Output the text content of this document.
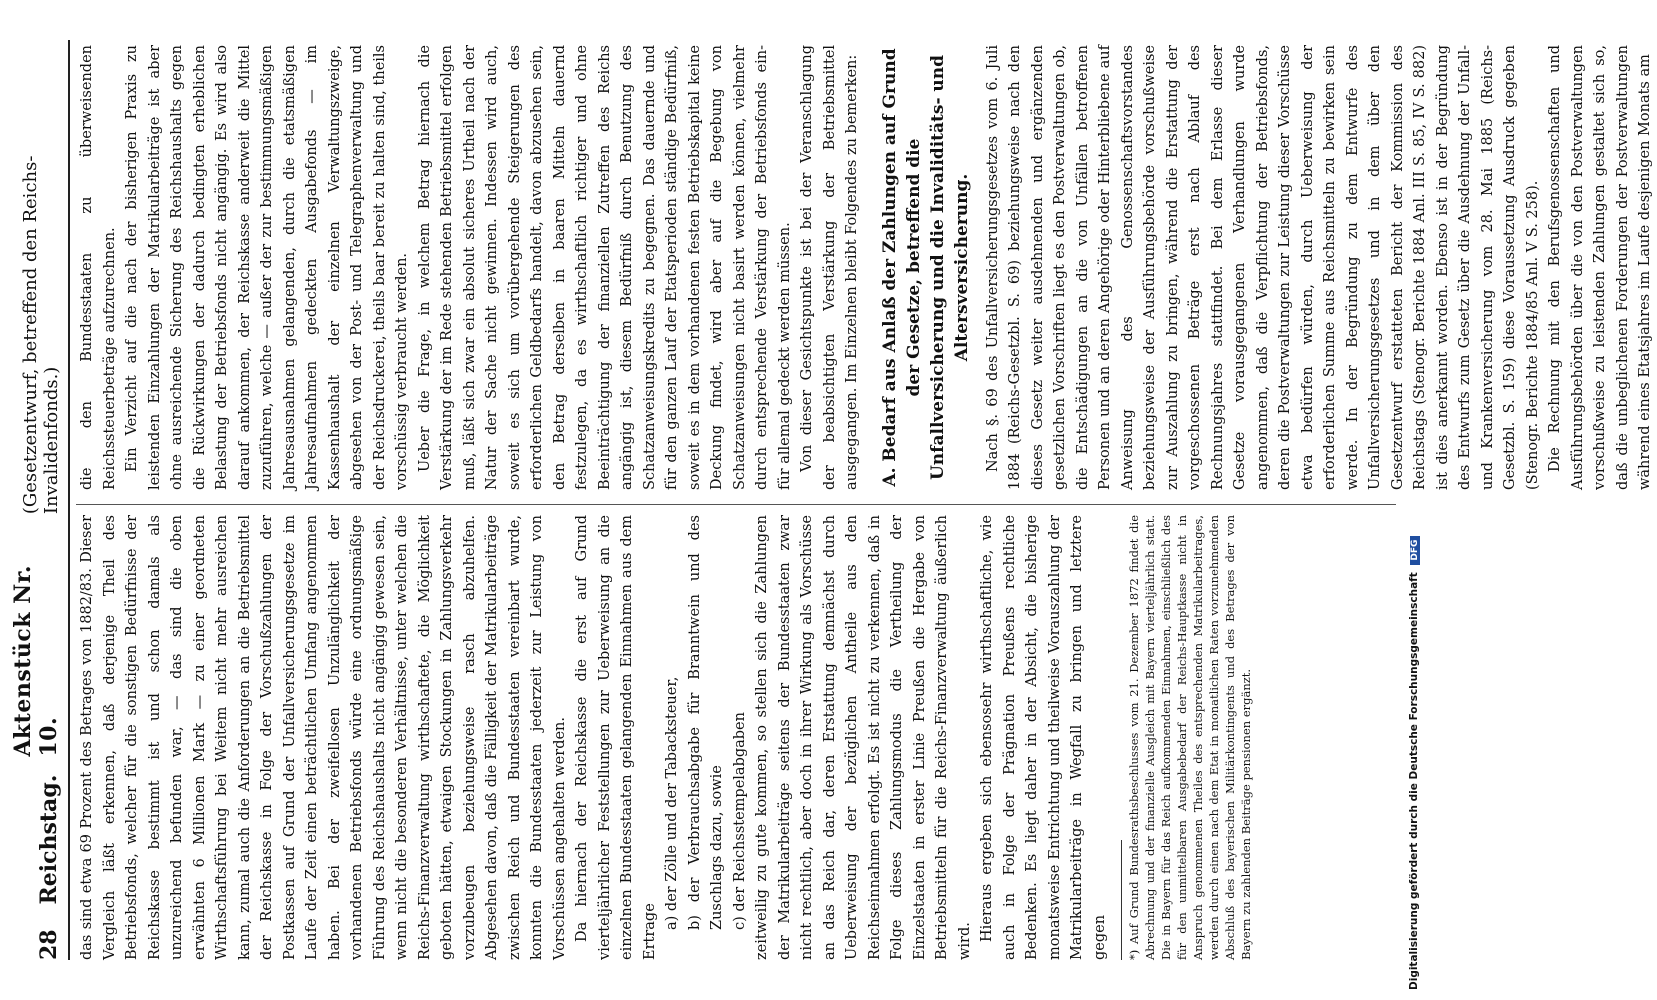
28
Reichstag.
Aktenstück Nr. 10.
(Gesetzentwurf, betreffend den Reichs-Invalidenfonds.)

das sind etwa 69 Prozent des Betrages von 1882/83. Dieser Vergleich läßt erkennen, daß derjenige Theil des Betriebsfonds, welcher für die sonstigen Bedürfnisse der Reichskasse bestimmt ist und schon damals als unzureichend befunden war, — das sind die oben erwähnten 6 Millionen Mark — zu einer geordneten Wirthschaftsführung bei Weitem nicht mehr ausreichen kann, zumal auch die Anforderungen an die Betriebsmittel der Reichskasse in Folge der Vorschußzahlungen der Postkassen auf Grund der Unfallversicherungsgesetze im Laufe der Zeit einen beträchtlichen Umfang angenommen haben. Bei der zweifellosen Unzulänglichkeit der vorhandenen Betriebsfonds würde eine ordnungsmäßige Führung des Reichshaushalts nicht angängig gewesen sein, wenn nicht die besonderen Verhältnisse, unter welchen die Reichs-Finanzverwaltung wirthschaftete, die Möglichkeit geboten hätten, etwaigen Stockungen in Zahlungsverkehr vorzubeugen beziehungsweise rasch abzuhelfen. Abgesehen davon, daß die Fälligkeit der Matrikularbeiträge zwischen Reich und Bundesstaaten vereinbart wurde, konnten die Bundesstaaten jederzeit zur Leistung von Vorschüssen angehalten werden. Da hiernach der Reichskasse die erst auf Grund vierteljährlicher Feststellungen zur Ueberweisung an die einzelnen Bundesstaaten gelangenden Einnahmen aus dem Ertrage

a) der Zölle und der Tabacksteuer, b) der Verbrauchsabgabe für Branntwein und des Zuschlags dazu, sowie c) der Reichsstempelabgaben zeitweilig zu gute kommen, so stellen sich die Zahlungen der Matrikularbeiträge seitens der Bundesstaaten zwar nicht rechtlich, aber doch in ihrer Wirkung als Vorschüsse an das Reich dar, deren Erstattung demnächst durch Ueberweisung der bezüglichen Antheile aus den Reichseinnahmen erfolgt. Es ist nicht zu verkennen, daß in Folge dieses Zahlungsmodus die Vertheilung der Einzelstaaten in erster Linie Preußen die Hergabe von Betriebsmitteln für die Reichs-Finanzverwaltung äußerlich wird. Hieraus ergeben sich ebensosehr wirthschaftliche, wie auch in Folge der Prägnation Preußens rechtliche Bedenken. Es liegt daher in der Absicht, die bisherige monatsweise Entrichtung und theilweise Vorauszahlung der Matrikularbeiträge in Wegfall zu bringen und letztere gegen	*) Auf Grund Bundesrathsbeschlusses vom 21. Dezember 1872 findet die Abrechnung und der finanzielle Ausgleich mit Bayern vierteljährlich statt. Die in Bayern für das Reich aufkommenden Einnahmen, einschließlich des für den unmittelbaren Ausgabebedarf der Reichs-Hauptkasse nicht in Anspruch genommenen Theiles des entsprechenden Matrikularbeitrages, werden durch einen nach dem Etat in monatlichen Raten vorzunehmenden Abschluß des bayerischen Militärkontingents und des Betrages der von Bayern zu zahlenden Beiträge pensionen ergänzt.

die den Bundesstaaten zu überweisenden Reichssteuerbeträge aufzurechnen. Ein Verzicht auf die nach der bisherigen Praxis zu leistenden Einzahlungen der Matrikularbeiträge ist aber ohne ausreichende Sicherung des Reichshaushalts gegen die Rückwirkungen der dadurch bedingten erheblichen Belastung der Betriebsfonds nicht angängig. Es wird also darauf ankommen, der Reichskasse anderweit die Mittel zuzuführen, welche — außer der zur bestimmungsmäßigen Jahresausnahmen gelangenden, durch die etatsmäßigen Jahresaufnahmen gedeckten Ausgabefonds — im Kassenhaushalt der einzelnen Verwaltungszweige, abgesehen von der Post- und Telegraphenverwaltung und der Reichsdruckerei, theils baar bereit zu halten sind, theils vorschüssig verbraucht werden. Ueber die Frage, in welchem Betrag hiernach die Verstärkung der im Rede stehenden Betriebsmittel erfolgen muß, läßt sich zwar ein absolut sicheres Urtheil nach der Natur der Sache nicht gewinnen. Indessen wird auch, soweit es sich um vorübergehende Steigerungen des erforderlichen Geldbedarfs handelt, davon abzusehen sein, den Betrag derselben in baaren Mitteln dauernd festzulegen, da es wirthschaftlich richtiger und ohne Beeinträchtigung der finanziellen Zutreffen des Reichs angängig ist, diesem Bedürfniß durch Benutzung des Schatzanweisungskredits zu begegnen. Das dauernde und für den ganzen Lauf der Etatsperioden ständige Bedürfniß, soweit es in dem vorhandenen festen Betriebskapital keine Deckung findet, wird aber auf die Begebung von Schatzanweisungen nicht basirt werden können, vielmehr durch entsprechende Verstärkung der Betriebsfonds ein- für allemal gedeckt werden müssen. Von dieser Gesichtspunkte ist bei der Veranschlagung der beabsichtigten Verstärkung der Betriebsmittel ausgegangen. Im Einzelnen bleibt Folgendes zu bemerken: A. Bedarf aus Anlaß der Zahlungen auf Grund der Gesetze, betreffend die Unfallversicherung und die Invaliditäts- und Altersversicherung. Nach §. 69 des Unfallversicherungsgesetzes vom 6. Juli 1884 (Reichs-Gesetzbl. S. 69) beziehungsweise nach den dieses Gesetz weiter ausdehnenden und ergänzenden gesetzlichen Vorschriften liegt es den Postverwaltungen ob, die Entschädigungen an die von Unfällen betroffenen Personen und an deren Angehörige oder Hinterbliebene auf Anweisung des Genossenschaftsvorstandes beziehungsweise der Ausführungsbehörde vorschußweise zur Auszahlung zu bringen, während die Erstattung der vorgeschossenen Beträge erst nach Ablauf des Rechnungsjahres stattfindet. Bei dem Erlasse dieser Gesetze vorausgegangenen Verhandlungen wurde angenommen, daß die Verpflichtung der Betriebsfonds, deren die Postverwaltungen zur Leistung dieser Vorschüsse etwa bedürfen würden, durch Ueberweisung der erforderlichen Summe aus Reichsmitteln zu bewirken sein werde. In der Begründung zu dem Entwurfe des Unfallversicherungsgesetzes und in dem über den Gesetzentwurf erstatteten Bericht der Kommission des Reichstags (Stenogr. Berichte 1884 Anl. III S. 85, IV S. 882) ist dies anerkannt worden. Ebenso ist in der Begründung des Entwurfs zum Gesetz über die Ausdehnung der Unfall- und Krankenversicherung vom 28. Mai 1885 (Reichs-Gesetzbl. S. 159) diese Voraussetzung Ausdruck gegeben (Stenogr. Berichte 1884/85 Anl. V S. 258). Die Rechnung mit den Berufsgenossenschaften und Ausführungsbehörden über die von den Postverwaltungen vorschußweise zu leistenden Zahlungen gestaltet sich so, daß die unbeglichenen Forderungen der Postverwaltungen während eines Etatsjahres im Laufe desjenigen Monats am

Digitalisierung gefördert durch die Deutsche Forschungsgemeinschaft DFG
